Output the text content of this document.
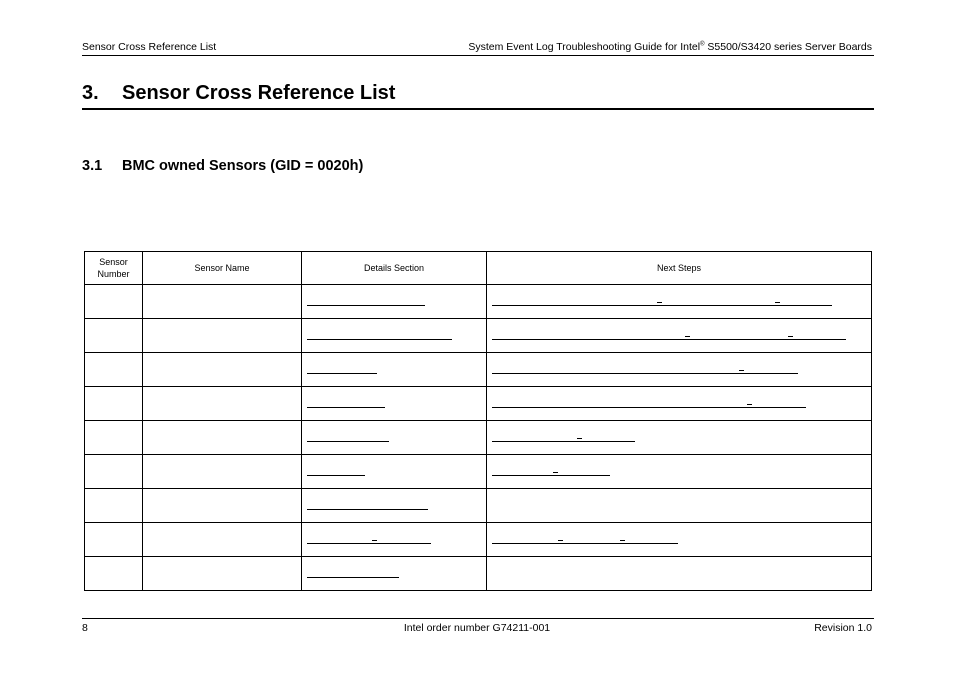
Sensor Cross Reference List	System Event Log Troubleshooting Guide for Intel® S5500/S3420 series Server Boards
3. Sensor Cross Reference List
3.1 BMC owned Sensors (GID = 0020h)
Sensor
Number	Sensor Name	Details Section	Next Steps

8	Intel order number G74211-001	Revision 1.0
